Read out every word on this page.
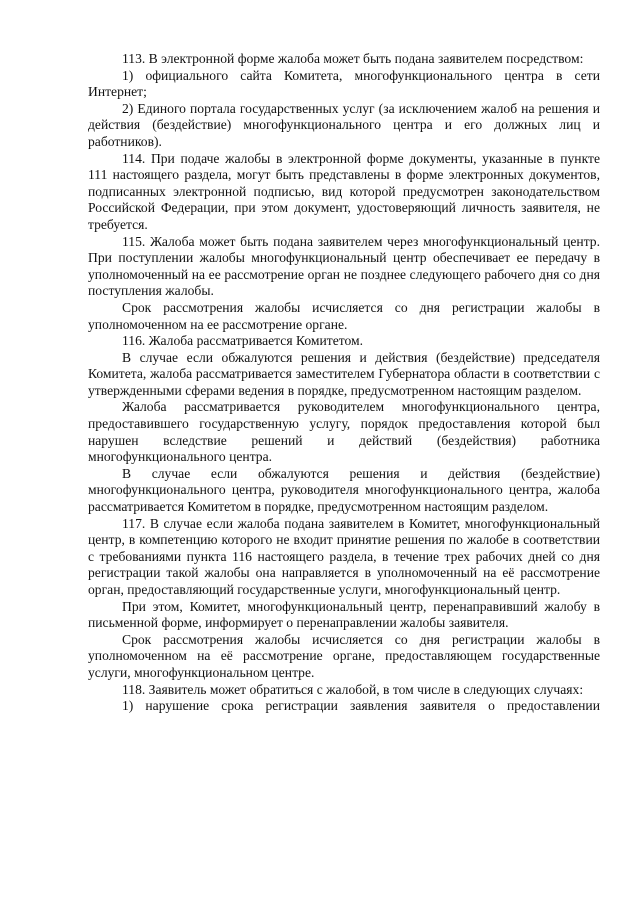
113. В электронной форме жалоба может быть подана заявителем посредством:

1) официального сайта Комитета, многофункционального центра в сети Интернет;

2) Единого портала государственных услуг (за исключением жалоб на решения и действия (бездействие) многофункционального центра и его должных лиц и работников).

114. При подаче жалобы в электронной форме документы, указанные в пункте 111 настоящего раздела, могут быть представлены в форме электронных документов, подписанных электронной подписью, вид которой предусмотрен законодательством Российской Федерации, при этом документ, удостоверяющий личность заявителя, не требуется.

115. Жалоба может быть подана заявителем через многофункциональный центр. При поступлении жалобы многофункциональный центр обеспечивает ее передачу в уполномоченный на ее рассмотрение орган не позднее следующего рабочего дня со дня поступления жалобы.

Срок рассмотрения жалобы исчисляется со дня регистрации жалобы в уполномоченном на ее рассмотрение органе.

116. Жалоба рассматривается Комитетом.

В случае если обжалуются решения и действия (бездействие) председателя Комитета, жалоба рассматривается заместителем Губернатора области в соответствии с утвержденными сферами ведения в порядке, предусмотренном настоящим разделом.

Жалоба рассматривается руководителем многофункционального центра, предоставившего государственную услугу, порядок предоставления которой был нарушен вследствие решений и действий (бездействия) работника многофункционального центра.

В случае если обжалуются решения и действия (бездействие) многофункционального центра, руководителя многофункционального центра, жалоба рассматривается Комитетом в порядке, предусмотренном настоящим разделом.

117. В случае если жалоба подана заявителем в Комитет, многофункциональный центр, в компетенцию которого не входит принятие решения по жалобе в соответствии с требованиями пункта 116 настоящего раздела, в течение трех рабочих дней со дня регистрации такой жалобы она направляется в уполномоченный на её рассмотрение орган, предоставляющий государственные услуги, многофункциональный центр.

При этом, Комитет, многофункциональный центр, перенаправивший жалобу в письменной форме, информирует о перенаправлении жалобы заявителя.

Срок рассмотрения жалобы исчисляется со дня регистрации жалобы в уполномоченном на её рассмотрение органе, предоставляющем государственные услуги, многофункциональном центре.

118. Заявитель может обратиться с жалобой, в том числе в следующих случаях:

1) нарушение срока регистрации заявления заявителя о предоставлении
